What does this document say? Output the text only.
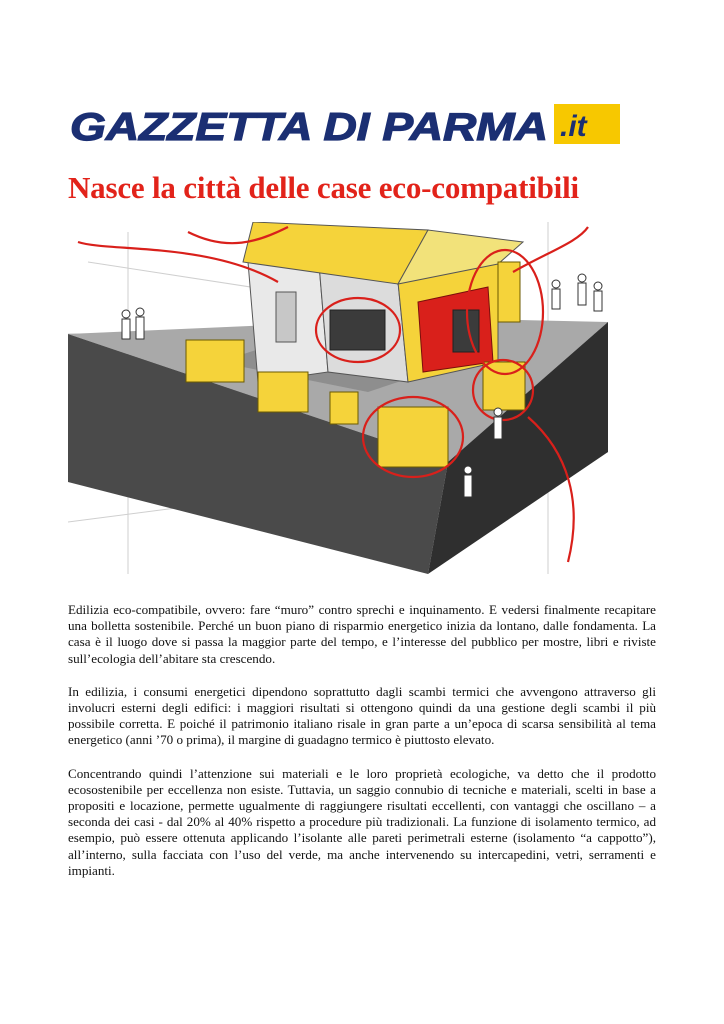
GAZZETTA DI PARMA .it
Nasce la città delle case eco-compatibili

Edilizia eco-compatibile, ovvero: fare “muro” contro sprechi e inquinamento. E vedersi finalmente recapitare una bolletta sostenibile. Perché un buon piano di risparmio energetico inizia da lontano, dalle fondamenta. La casa è il luogo dove si passa la maggior parte del tempo, e l’interesse del pubblico per mostre, libri e riviste sull’ecologia dell’abitare sta crescendo.

In edilizia, i consumi energetici dipendono soprattutto dagli scambi termici che avvengono attraverso gli involucri esterni degli edifici: i maggiori risultati si ottengono quindi da una gestione degli scambi il più possibile corretta. E poiché il patrimonio italiano risale in gran parte a un’epoca di scarsa sensibilità al tema energetico (anni ’70 o prima), il margine di guadagno termico è piuttosto elevato.

Concentrando quindi l’attenzione sui materiali e le loro proprietà ecologiche, va detto che il prodotto ecosostenibile per eccellenza non esiste. Tuttavia, un saggio connubio di tecniche e materiali, scelti in base a propositi e locazione, permette ugualmente di raggiungere risultati eccellenti, con vantaggi che oscillano – a seconda dei casi - dal 20% al 40% rispetto a procedure più tradizionali. La funzione di isolamento termico, ad esempio, può essere ottenuta applicando l’isolante alle pareti perimetrali esterne (isolamento “a cappotto”), all’interno, sulla facciata con l’uso del verde, ma anche intervenendo su intercapedini, vetri, serramenti e impianti.
